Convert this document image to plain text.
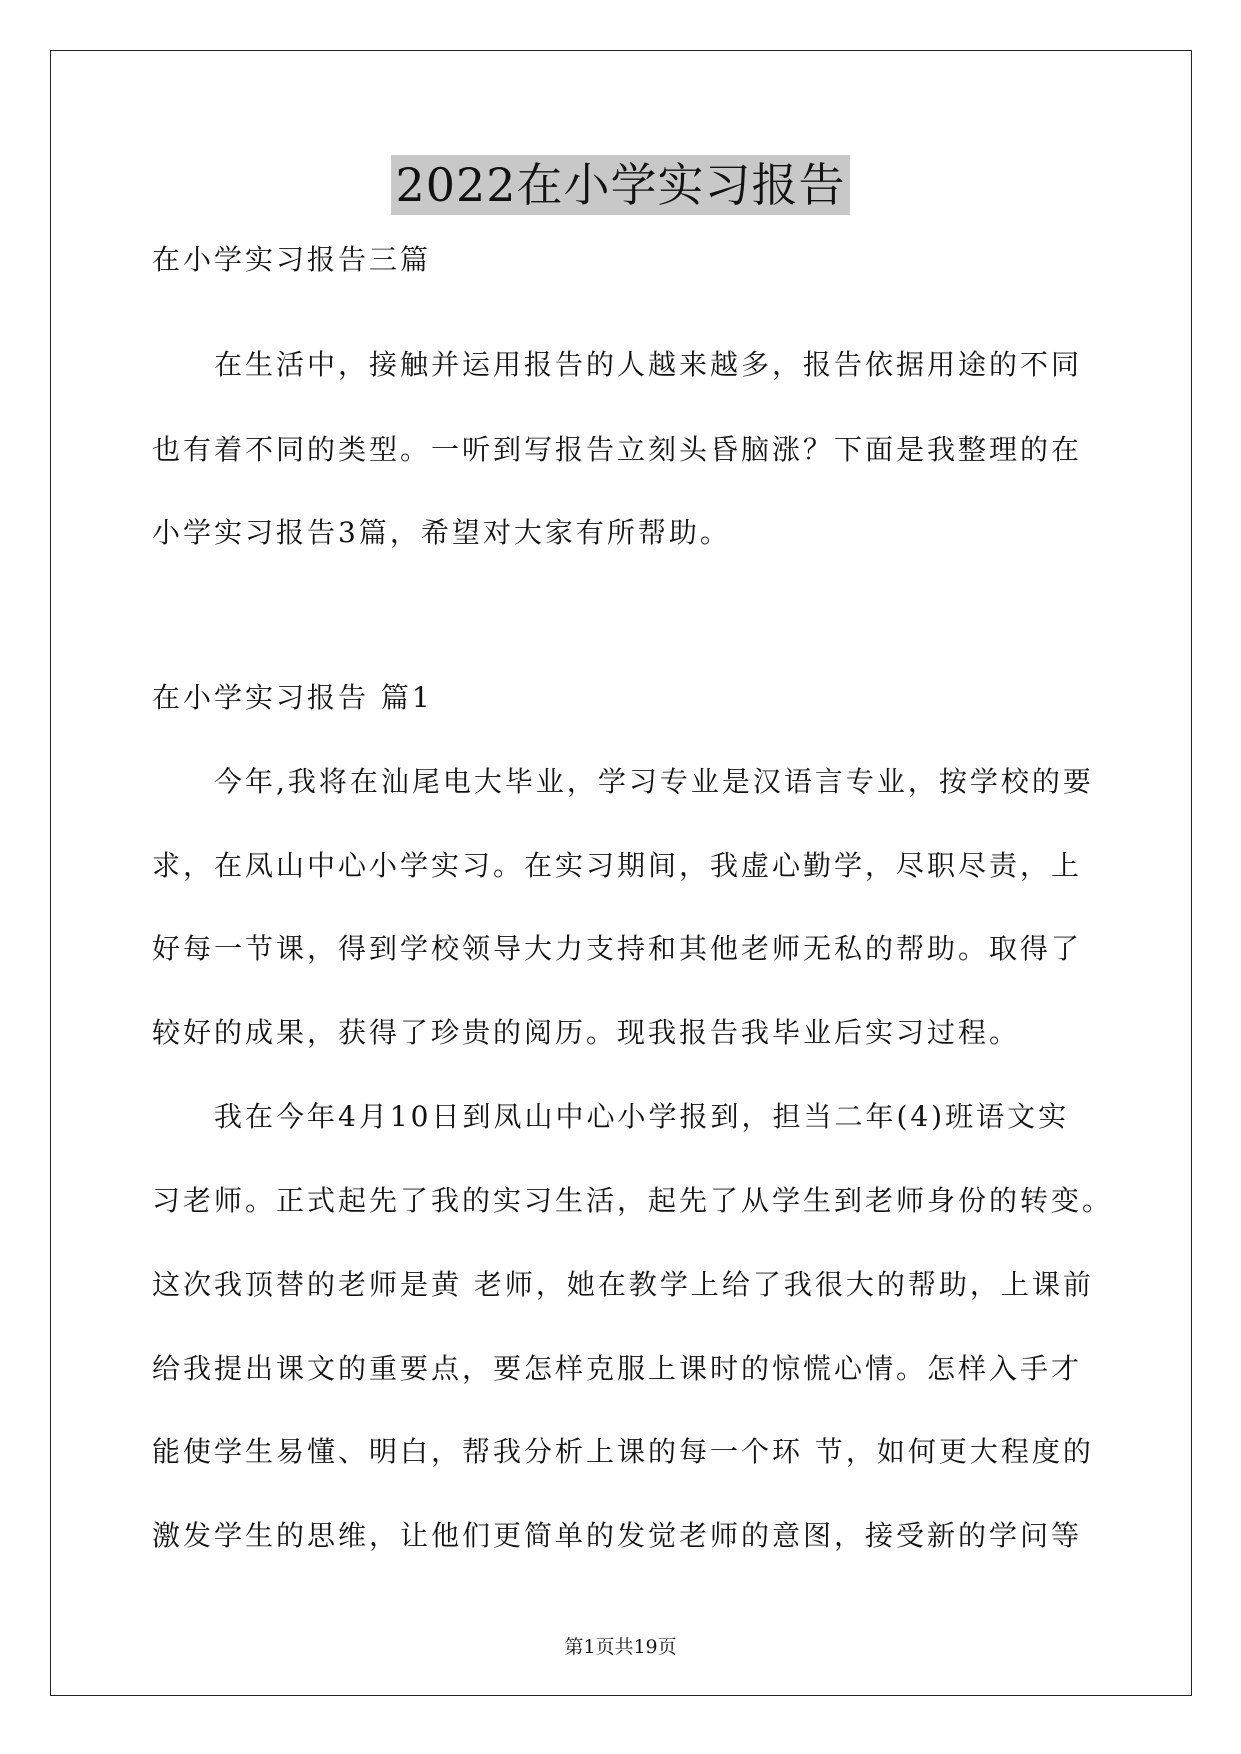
2022在小学实习报告
在小学实习报告三篇
在生活中，接触并运用报告的人越来越多，报告依据用途的不同
也有着不同的类型。一听到写报告立刻头昏脑涨？下面是我整理的在
小学实习报告3篇，希望对大家有所帮助。
在小学实习报告 篇1
今年,我将在汕尾电大毕业，学习专业是汉语言专业，按学校的要
求，在凤山中心小学实习。在实习期间，我虚心勤学，尽职尽责，上
好每一节课，得到学校领导大力支持和其他老师无私的帮助。取得了
较好的成果，获得了珍贵的阅历。现我报告我毕业后实习过程。
我在今年4月10日到凤山中心小学报到，担当二年(4)班语文实
习老师。正式起先了我的实习生活，起先了从学生到老师身份的转变。
这次我顶替的老师是黄 老师，她在教学上给了我很大的帮助，上课前
给我提出课文的重要点，要怎样克服上课时的惊慌心情。怎样入手才
能使学生易懂、明白，帮我分析上课的每一个环 节，如何更大程度的
激发学生的思维，让他们更简单的发觉老师的意图，接受新的学问等
第1页共19页
